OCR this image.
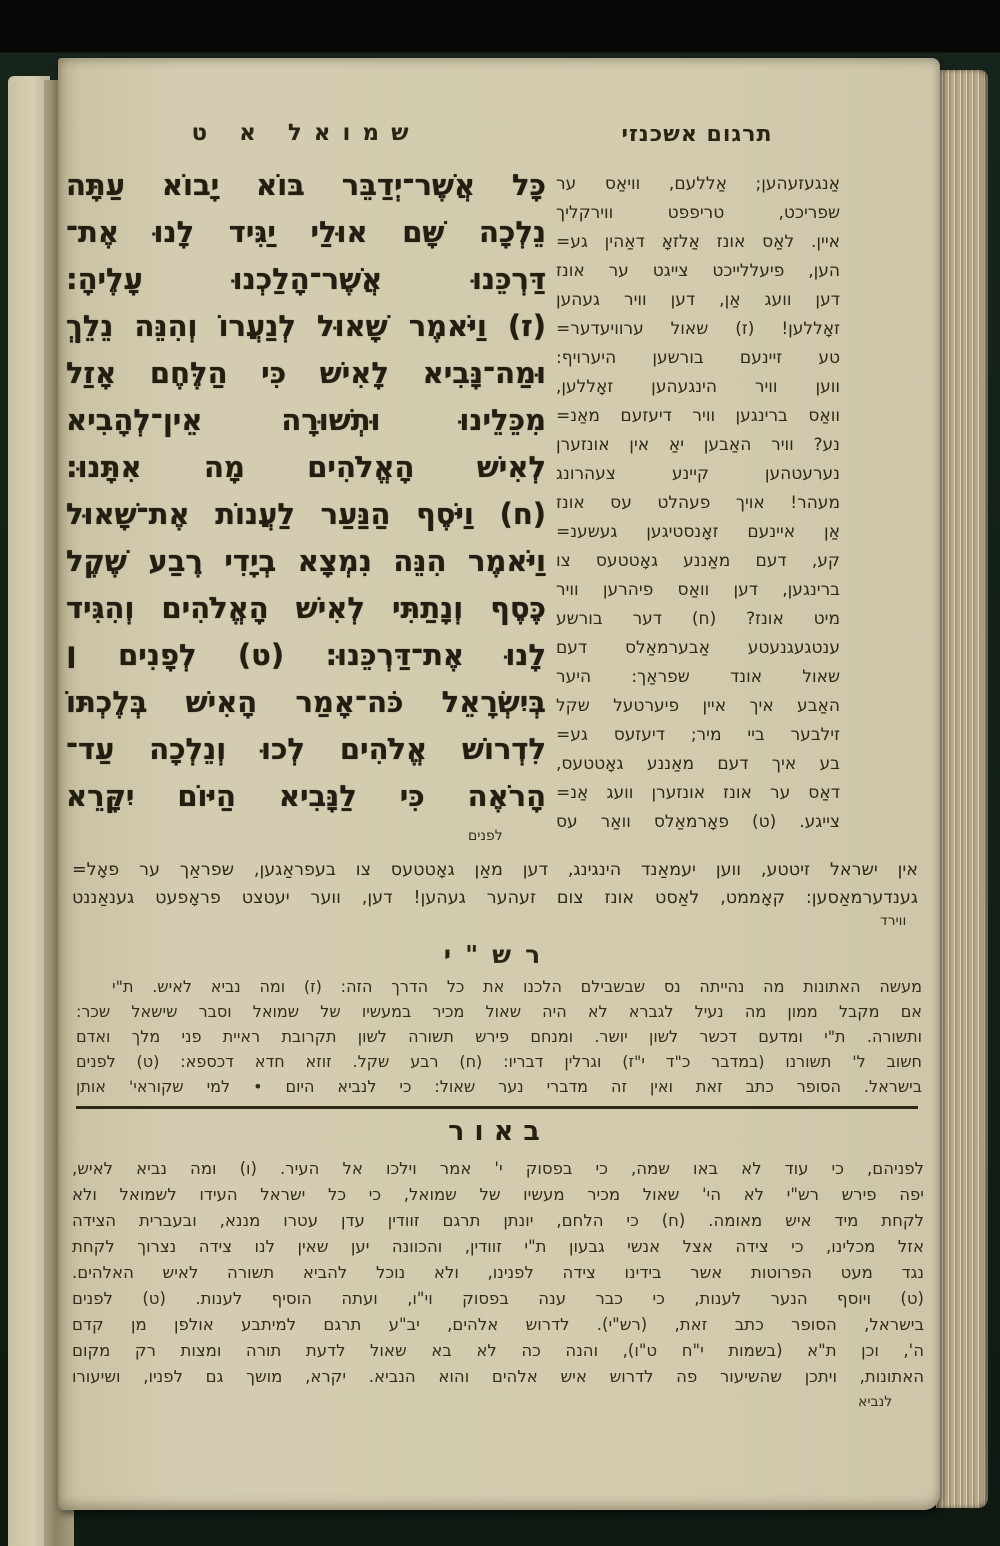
תרגום אשכנזי
שמואל א ט
כָּל אֲשֶׁר־יְדַבֵּר בּוֹא יָבוֹא עַתָּה
נֵלְכָה שָּׁם אוּלַי יַגִּיד לָנוּ אֶת־
דַּרְכֵּנוּ אֲשֶׁר־הָלַכְנוּ עָלֶיהָ:
(ז) וַיֹּאמֶר שָׁאוּל לְנַעֲרוֹ וְהִנֵּה נֵלֵךְ
וּמַה־נָּבִיא לָאִישׁ כִּי הַלֶּחֶם אָזַל
מִכֵּלֵינוּ וּתְשׁוּרָה אֵין־לְהָבִיא
לְאִישׁ הָאֱלֹהִים מָה אִתָּנוּ:
(ח) וַיֹּסֶף הַנַּעַר לַעֲנוֹת אֶת־שָׁאוּל
וַיֹּאמֶר הִנֵּה נִמְצָא בְיָדִי רֶבַע שֶׁקֶל
כֶּסֶף וְנָתַתִּי לְאִישׁ הָאֱלֹהִים וְהִגִּיד
לָנוּ אֶת־דַּרְכֵּנוּ: (ט) לְפָנִים ׀
בְּיִשְׂרָאֵל כֹּה־אָמַר הָאִישׁ בְּלֶכְתּוֹ
לִדְרוֹשׁ אֱלֹהִים לְכוּ וְנֵלְכָה עַד־
הָרֹאֶה כִּי לַנָּבִיא הַיּוֹם יִקָּרֵא
לפנים
אַנגעזעהען; אַללעם, וויאַס ער
שפריכט, טריפפט ווירקליך
איין. לאַס אונז אַלזאָ דאַהין גע=
הען, פיעללייכט צייגט ער אונז
דען וועג אַן, דען וויר געהען
זאָללען! (ז) שאול ערוויעדער=
טע זיינעם בורשען היערויף:
ווען וויר הינגעהען זאָללען,
וואַס ברינגען וויר דיעזעם מאַנ=
נע? וויר האַבען יאַ אין אונזערן
נערעטהען קיינע צעהרונג
מעהר! אויך פעהלט עס אונז
אַן איינעם זאָנסטיגען געשענ=
קע, דעם מאַננע גאָטטעס צו
ברינגען, דען וואַס פיהרען וויר
מיט אונז? (ח) דער בורשע
ענטגעגנעטע אַבערמאַלס דעם
שאול אונד שפראַך: היער
האַבע איך איין פיערטעל שקל
זילבער ביי מיר; דיעזעס גע=
בע איך דעם מאַננע גאָטטעס,
דאַס ער אונז אונזערן וועג אַנ=
צייגע. (ט) פאָרמאַלס וואַר עס
אין ישראל זיטטע, ווען יעמאַנד הינגינג, דען מאַן גאָטטעס צו בעפראַגען, שפראַך ער פאָל=
גענדערמאַסען: קאָממט, לאַסט אונז צום זעהער געהען! דען, ווער יעטצט פראָפעט גענאַננט
ווירד
רש"י
מעשה האתונות מה נהייתה נס שבשבילם הלכנו את כל הדרך הזה: (ז) ומה נביא לאיש. ת"י
אם מקבל ממון מה נעיל לגברא לא היה שאול מכיר במעשיו של שמואל וסבר שישאל שכר:
ותשורה. ת"י ומדעם דכשר לשון יושר. ומנחם פירש תשורה לשון תקרובת ראיית פני מלך ואדם
חשוב ל' תשורנו (במדבר כ"ד י"ז) וגרלין דבריו: (ח) רבע שקל. זוזא חדא דכספא: (ט) לפנים
בישראל. הסופר כתב זאת ואין זה מדברי נער שאול: כי לנביא היום • למי שקוראי' אותן
באור
לפניהם, כי עוד לא באו שמה, כי בפסוק י' אמר וילכו אל העיר. (ו) ומה נביא לאיש,
יפה פירש רש"י לא הי' שאול מכיר מעשיו של שמואל, כי כל ישראל העידו לשמואל ולא
לקחת מיד איש מאומה. (ח) כי הלחם, יונתן תרגם זוודין עדן עטרו מננא, ובעברית הצידה
אזל מכלינו, כי צידה אצל אנשי גבעון ת"י זוודין, והכוונה יען שאין לנו צידה נצרוך לקחת
נגד מעט הפרוטות אשר בידינו צידה לפנינו, ולא נוכל להביא תשורה לאיש האלהים.
(ט) ויוסף הנער לענות, כי כבר ענה בפסוק וי"ו, ועתה הוסיף לענות. (ט) לפנים
בישראל, הסופר כתב זאת, (רש"י). לדרוש אלהים, יב"ע תרגם למיתבע אולפן מן קדם
ה', וכן ת"א (בשמות י"ח ט"ו), והנה כה לא בא שאול לדעת תורה ומצות רק מקום
האתונות, ויתכן שהשיעור פה לדרוש איש אלהים והוא הנביא. יקרא, מושך גם לפניו, ושיעורו
לנביא
